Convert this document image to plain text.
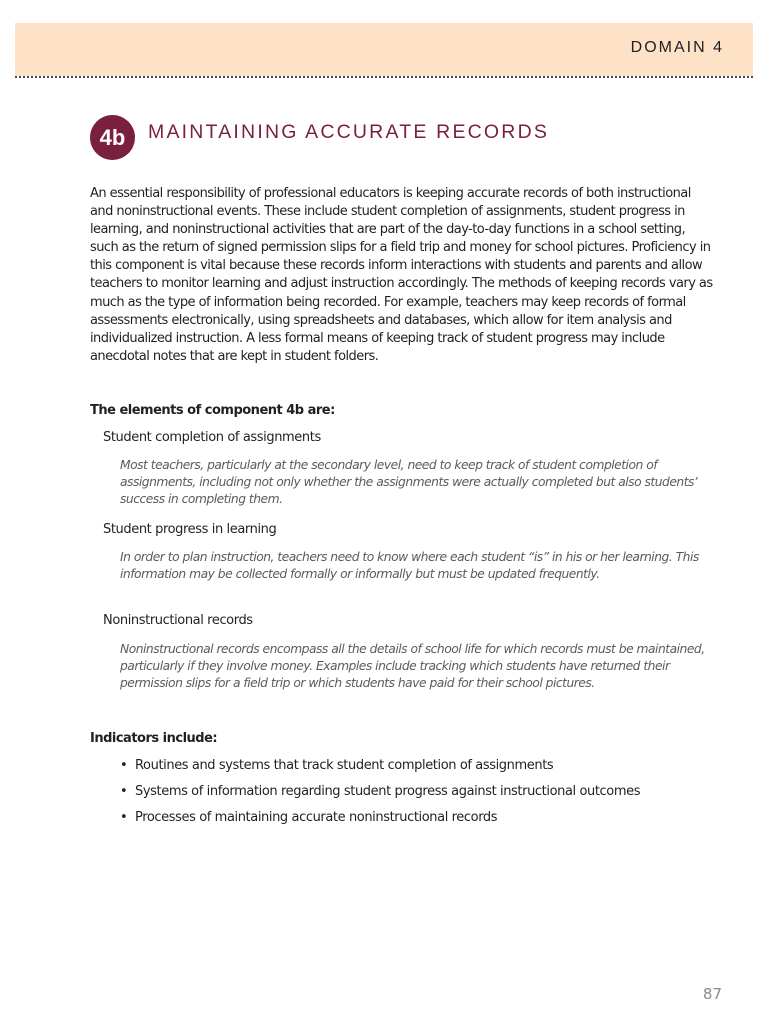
DOMAIN 4
4b	MAINTAINING ACCURATE RECORDS

An essential responsibility of professional educators is keeping accurate records of both instructional and noninstructional events. These include student completion of assignments, student progress in learning, and noninstructional activities that are part of the day-to-day functions in a school setting, such as the return of signed permission slips for a field trip and money for school pictures. Proficiency in this component is vital because these records inform interactions with students and parents and allow teachers to monitor learning and adjust instruction accordingly. The methods of keeping records vary as much as the type of information being recorded. For example, teachers may keep records of formal assessments electronically, using spreadsheets and databases, which allow for item analysis and individualized instruction. A less formal means of keeping track of student progress may include anecdotal notes that are kept in student folders.

The elements of component 4b are:

Student completion of assignments

Most teachers, particularly at the secondary level, need to keep track of student completion of assignments, including not only whether the assignments were actually completed but also students’ success in completing them.

Student progress in learning

In order to plan instruction, teachers need to know where each student “is” in his or her learning. This information may be collected formally or informally but must be updated frequently.

Noninstructional records

Noninstructional records encompass all the details of school life for which records must be maintained, particularly if they involve money. Examples include tracking which students have returned their permission slips for a field trip or which students have paid for their school pictures.

Indicators include:

• Routines and systems that track student completion of assignments
• Systems of information regarding student progress against instructional outcomes
• Processes of maintaining accurate noninstructional records
87
